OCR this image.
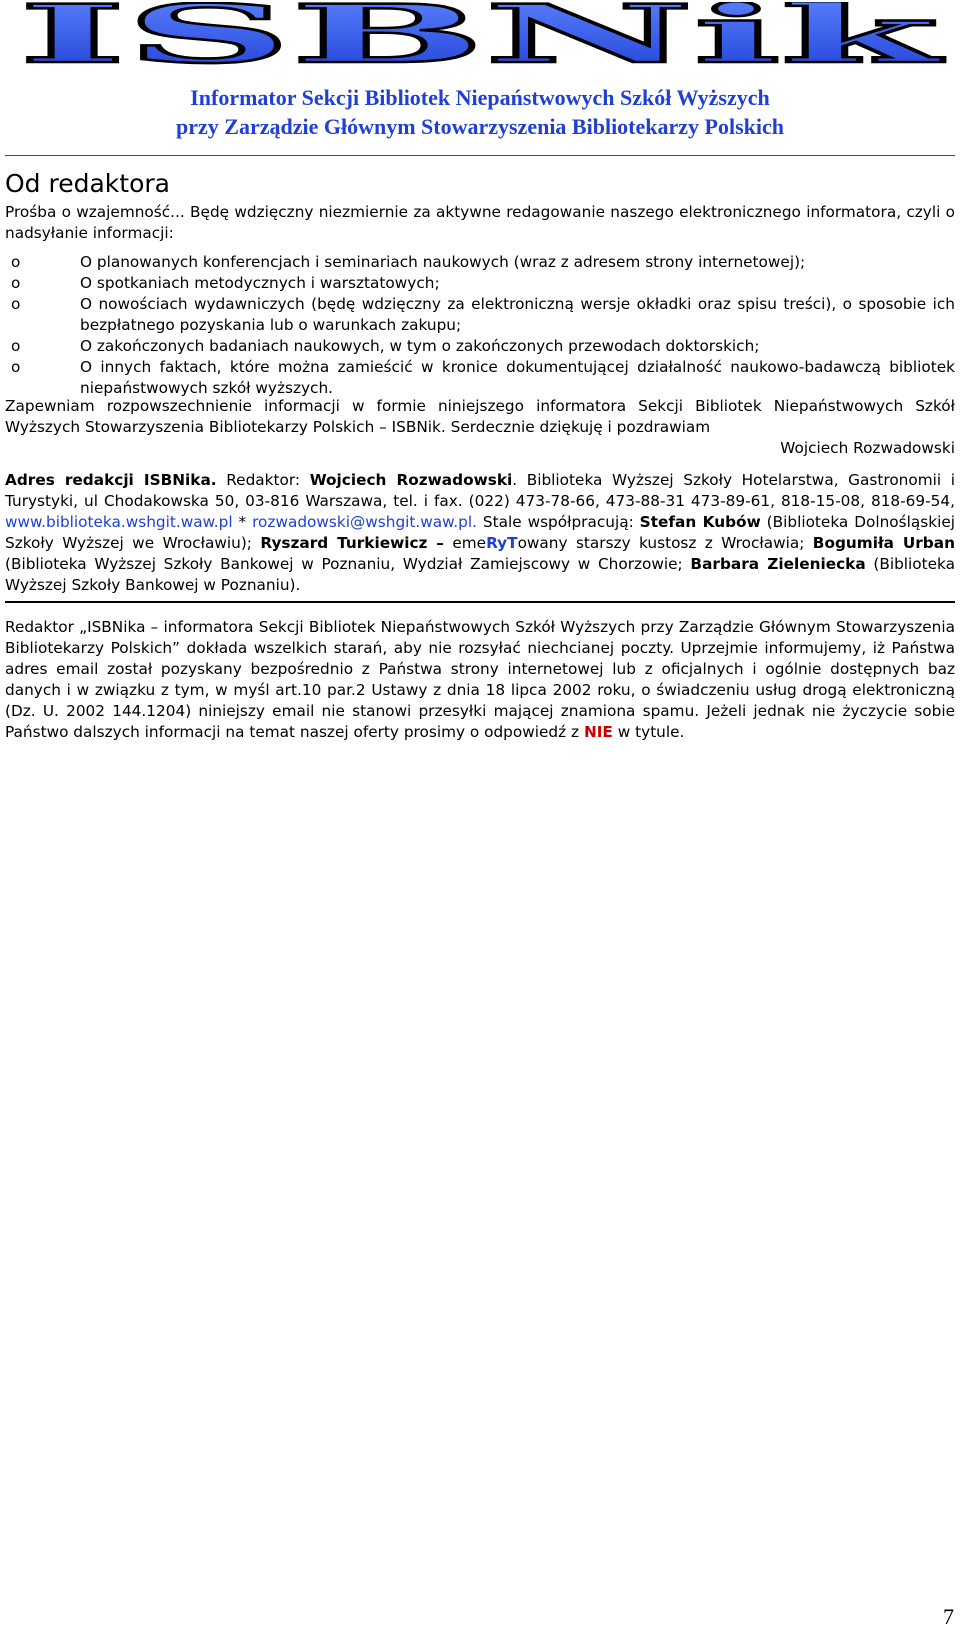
ISBNik
Informator Sekcji Bibliotek Niepaństwowych Szkół Wyższych
przy Zarządzie Głównym Stowarzyszenia Bibliotekarzy Polskich
Od redaktora
Prośba o wzajemność... Będę wdzięczny niezmiernie za aktywne redagowanie naszego elektronicznego informatora, czyli o nadsyłanie informacji:
o	O planowanych konferencjach i seminariach naukowych (wraz z adresem strony internetowej);
o	O spotkaniach metodycznych i warsztatowych;
o	O nowościach wydawniczych (będę wdzięczny za elektroniczną wersje okładki oraz spisu treści), o sposobie ich bezpłatnego pozyskania lub o warunkach zakupu;
o	O zakończonych badaniach naukowych, w tym o zakończonych przewodach doktorskich;
o	O innych faktach, które można zamieścić w kronice dokumentującej działalność naukowo-badawczą bibliotek niepaństwowych szkół wyższych.
Zapewniam rozpowszechnienie informacji w formie niniejszego informatora Sekcji Bibliotek Niepaństwowych Szkół Wyższych Stowarzyszenia Bibliotekarzy Polskich – ISBNik. Serdecznie dziękuję i pozdrawiam
Wojciech Rozwadowski
Adres redakcji ISBNika. Redaktor: Wojciech Rozwadowski. Biblioteka Wyższej Szkoły Hotelarstwa, Gastronomii i Turystyki, ul Chodakowska 50, 03-816 Warszawa, tel. i fax. (022) 473-78-66, 473-88-31 473-89-61, 818-15-08, 818-69-54, www.biblioteka.wshgit.waw.pl * rozwadowski@wshgit.waw.pl. Stale współpracują: Stefan Kubów (Biblioteka Dolnośląskiej Szkoły Wyższej we Wrocławiu); Ryszard Turkiewicz – emeRyTowany starszy kustosz z Wrocławia; Bogumiła Urban (Biblioteka Wyższej Szkoły Bankowej w Poznaniu, Wydział Zamiejscowy w Chorzowie; Barbara Zieleniecka (Biblioteka Wyższej Szkoły Bankowej w Poznaniu).
Redaktor „ISBNika – informatora Sekcji Bibliotek Niepaństwowych Szkół Wyższych przy Zarządzie Głównym Stowarzyszenia Bibliotekarzy Polskich” dokłada wszelkich starań, aby nie rozsyłać niechcianej poczty. Uprzejmie informujemy, iż Państwa adres email został pozyskany bezpośrednio z Państwa strony internetowej lub z oficjalnych i ogólnie dostępnych baz danych i w związku z tym, w myśl art.10 par.2 Ustawy z dnia 18 lipca 2002 roku, o świadczeniu usług drogą elektroniczną (Dz. U. 2002 144.1204) niniejszy email nie stanowi przesyłki mającej znamiona spamu. Jeżeli jednak nie życzycie sobie Państwo dalszych informacji na temat naszej oferty prosimy o odpowiedź z NIE w tytule.
7
